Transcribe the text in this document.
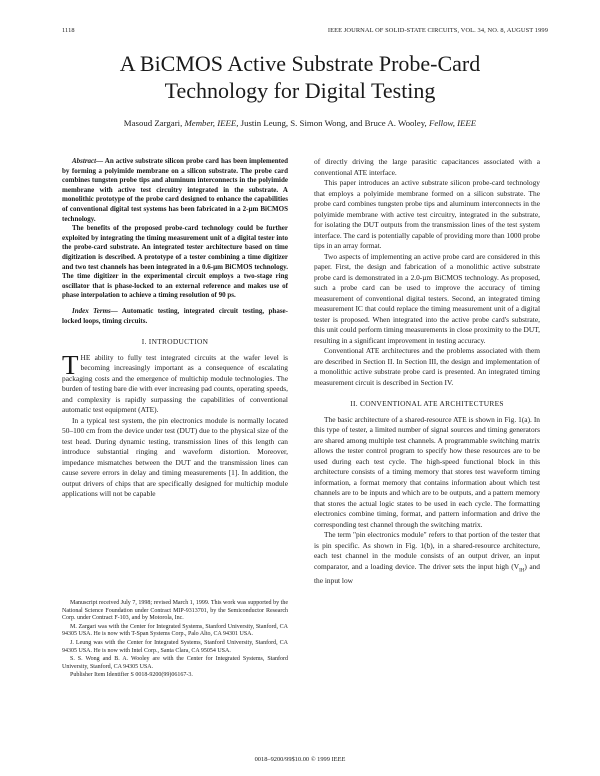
1118	IEEE JOURNAL OF SOLID-STATE CIRCUITS, VOL. 34, NO. 8, AUGUST 1999
A BiCMOS Active Substrate Probe-Card
Technology for Digital Testing
Masoud Zargari, Member, IEEE, Justin Leung, S. Simon Wong, and Bruce A. Wooley, Fellow, IEEE

Abstract— An active substrate silicon probe card has been implemented by forming a polyimide membrane on a silicon substrate. The probe card combines tungsten probe tips and aluminum interconnects in the polyimide membrane with active test circuitry integrated in the substrate. A monolithic prototype of the probe card designed to enhance the capabilities of conventional digital test systems has been fabricated in a 2-µm BiCMOS technology.

The benefits of the proposed probe-card technology could be further exploited by integrating the timing measurement unit of a digital tester into the probe-card substrate. An integrated tester architecture based on time digitization is described. A prototype of a tester combining a time digitizer and two test channels has been integrated in a 0.6-µm BiCMOS technology. The time digitizer in the experimental circuit employs a two-stage ring oscillator that is phase-locked to an external reference and makes use of phase interpolation to achieve a timing resolution of 90 ps.

Index Terms— Automatic testing, integrated circuit testing, phase-locked loops, timing circuits.

I. INTRODUCTION

THE ability to fully test integrated circuits at the wafer level is becoming increasingly important as a consequence of escalating packaging costs and the emergence of multichip module technologies. The burden of testing bare die with ever increasing pad counts, operating speeds, and complexity is rapidly surpassing the capabilities of conventional automatic test equipment (ATE).

In a typical test system, the pin electronics module is normally located 50–100 cm from the device under test (DUT) due to the physical size of the test head. During dynamic testing, transmission lines of this length can introduce substantial ringing and waveform distortion. Moreover, impedance mismatches between the DUT and the transmission lines can cause severe errors in delay and timing measurements [1]. In addition, the output drivers of chips that are specifically designed for multichip module applications will not be capable

Manuscript received July 7, 1998; revised March 1, 1999. This work was supported by the National Science Foundation under Contract MIP-9313701, by the Semiconductor Research Corp. under Contract F-103, and by Motorola, Inc.

M. Zargari was with the Center for Integrated Systems, Stanford University, Stanford, CA 94305 USA. He is now with T-Span Systems Corp., Palo Alto, CA 94301 USA.

J. Leung was with the Center for Integrated Systems, Stanford University, Stanford, CA 94305 USA. He is now with Intel Corp., Santa Clara, CA 95054 USA.

S. S. Wong and B. A. Wooley are with the Center for Integrated Systems, Stanford University, Stanford, CA 94305 USA.

Publisher Item Identifier S 0018-9200(99)06167-3.

of directly driving the large parasitic capacitances associated with a conventional ATE interface.

This paper introduces an active substrate silicon probe-card technology that employs a polyimide membrane formed on a silicon substrate. The probe card combines tungsten probe tips and aluminum interconnects in the polyimide membrane with active test circuitry, integrated in the substrate, for isolating the DUT outputs from the transmission lines of the test system interface. The card is potentially capable of providing more than 1000 probe tips in an array format.

Two aspects of implementing an active probe card are considered in this paper. First, the design and fabrication of a monolithic active substrate probe card is demonstrated in a 2.0-µm BiCMOS technology. As proposed, such a probe card can be used to improve the accuracy of timing measurement of conventional digital testers. Second, an integrated timing measurement IC that could replace the timing measurement unit of a digital tester is proposed. When integrated into the active probe card's substrate, this unit could perform timing measurements in close proximity to the DUT, resulting in a significant improvement in testing accuracy.

Conventional ATE architectures and the problems associated with them are described in Section II. In Section III, the design and implementation of a monolithic active substrate probe card is presented. An integrated timing measurement circuit is described in Section IV.

II. CONVENTIONAL ATE ARCHITECTURES

The basic architecture of a shared-resource ATE is shown in Fig. 1(a). In this type of tester, a limited number of signal sources and timing generators are shared among multiple test channels. A programmable switching matrix allows the tester control program to specify how these resources are to be used during each test cycle. The high-speed functional block in this architecture consists of a timing memory that stores test waveform timing information, a format memory that contains information about which test channels are to be inputs and which are to be outputs, and a pattern memory that stores the actual logic states to be used in each cycle. The formatting electronics combine timing, format, and pattern information and drive the corresponding test channel through the switching matrix.

The term "pin electronics module" refers to that portion of the tester that is pin specific. As shown in Fig. 1(b), in a shared-resource architecture, each test channel in the module consists of an output driver, an input comparator, and a loading device. The driver sets the input high $(V_{IH})$ and the input low

0018–9200/99$10.00 © 1999 IEEE
